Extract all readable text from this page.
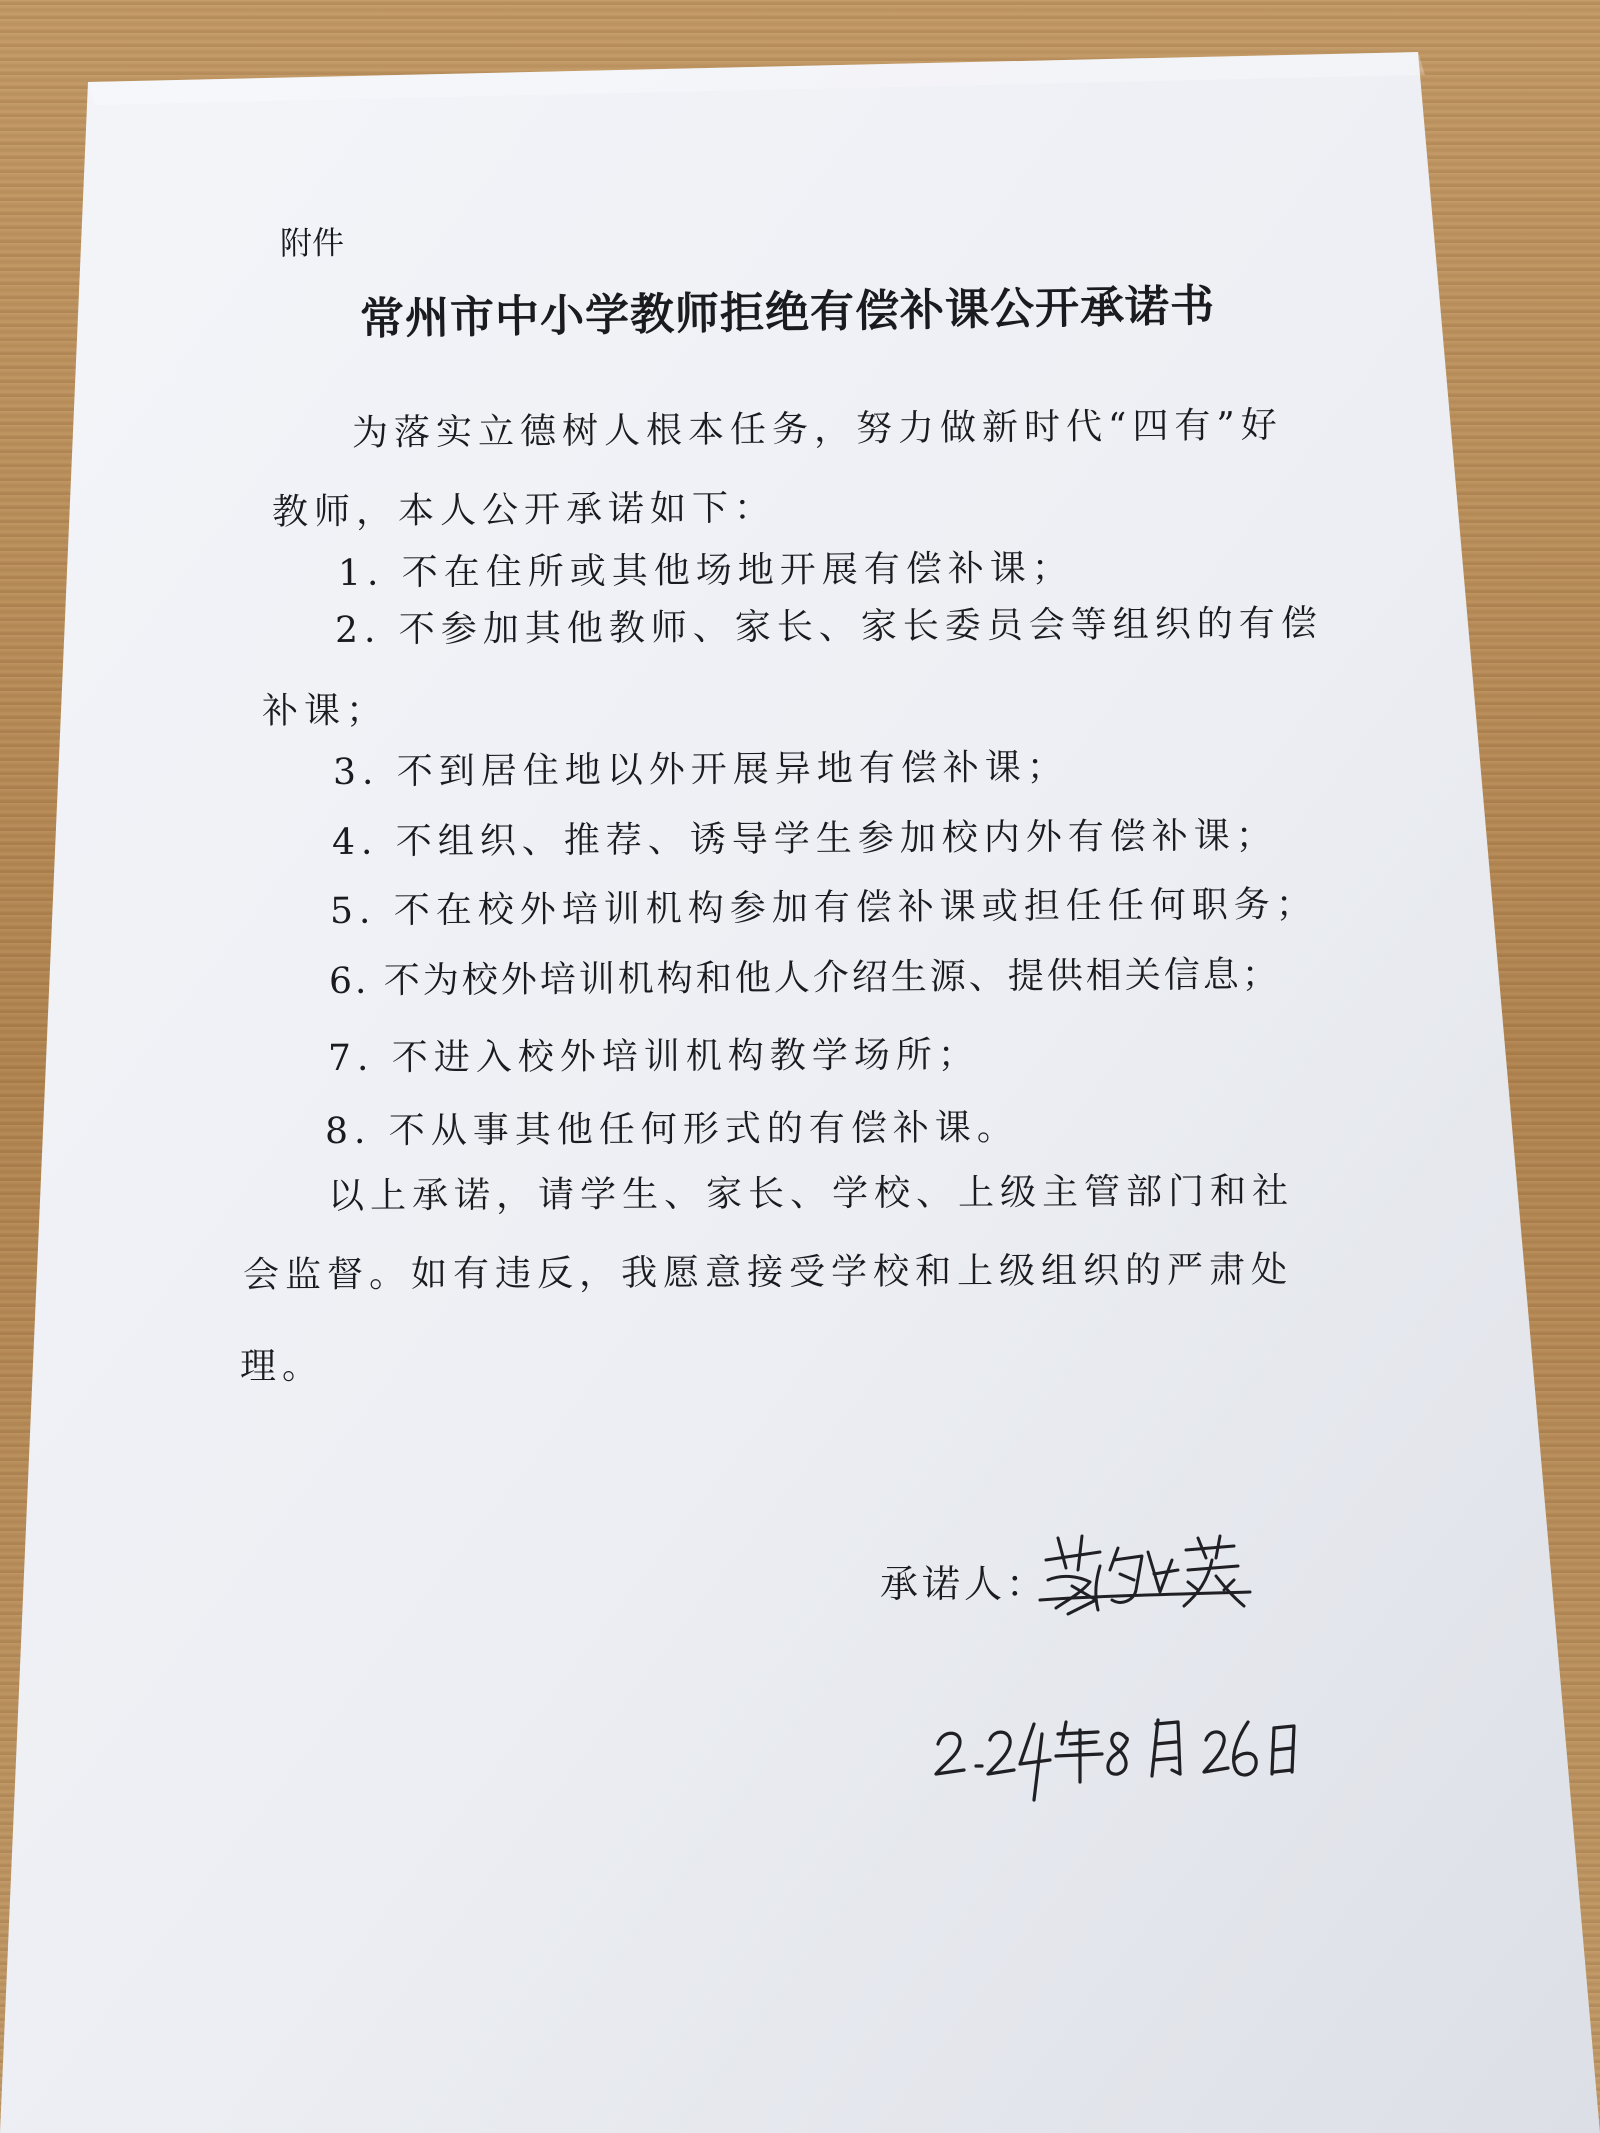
附件
常州市中小学教师拒绝有偿补课公开承诺书
为落实立德树人根本任务，努力做新时代“四有”好
教师，本人公开承诺如下：
1. 不在住所或其他场地开展有偿补课；
2. 不参加其他教师、家长、家长委员会等组织的有偿
补课；
3. 不到居住地以外开展异地有偿补课；
4. 不组织、推荐、诱导学生参加校内外有偿补课；
5. 不在校外培训机构参加有偿补课或担任任何职务；
6. 不为校外培训机构和他人介绍生源、提供相关信息；
7. 不进入校外培训机构教学场所；
8. 不从事其他任何形式的有偿补课。
以上承诺，请学生、家长、学校、上级主管部门和社
会监督。如有违反，我愿意接受学校和上级组织的严肃处
理。
承诺人：
